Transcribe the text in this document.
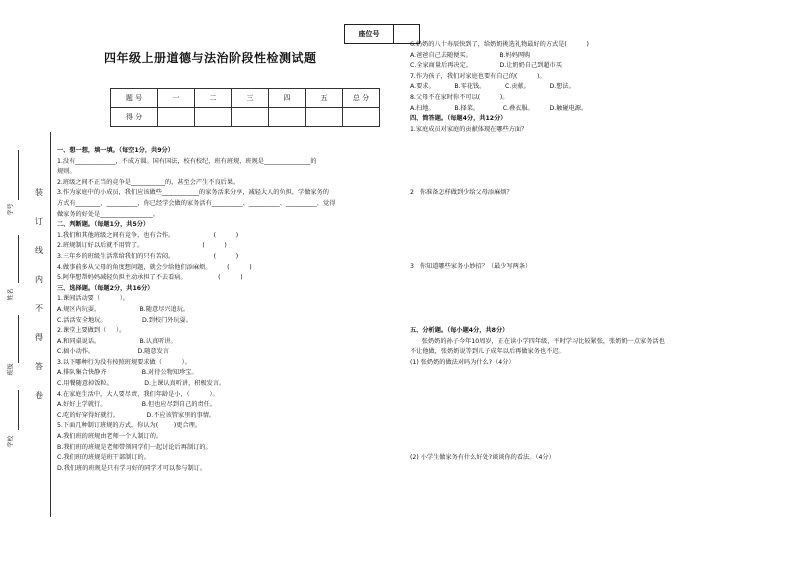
座位号
四年级上册道德与法治阶段性检测试题
题 号	一	二	三	四	五	总 分
得 分						
装
订
线
内
不
得
答
卷
学号
姓名
班级
学校
一、想一想，填一填。（每空1分，共9分）
1.没有_____________，不成方圆。国有国法，校有校纪，班有班规，班规是_______________的
规则。
2.班级之间不正当的竞争是___________的，甚至会产生不良后果。
3.作为家庭中的小成员，我们应该做些____________的家务活来分享，减轻大人的负担，学做家务的
方式有________、__________，你已经学会做的家务活有__________、__________、__________，觉得
做家务的好处是_________________。
二、判断题。（每题1分，共5分）
1.我们和其他班级之间有竞争，也有合作。                    (          )
2.班规制订好以后就不用管了。                              (          )
3.三年乡的班级生活常给我们的只有苦闷。                    (          )
4.做事前多从父母的角度想问题，就会少给他们添麻烦。        (          )
5.阿华想帮妈妈减轻负担主动承担了不去看病。                (          )
三、选择题。（每题2分，共16分）
1.课间活动要（          ）。
A.规区内玩耍。                    B.随意尽兴追玩。
C.活活安全地玩。                  D.到校门外玩耍。
2.课堂上要做到（     ）。
A.和同桌说话。                    B.认真听讲。
C.搞小动作。                      D.随意发言
3.以下哪种行为没有按照班规要求做（          ）。
A.排队集合快静齐                  B.对待公物知珍宝。
C.用餐随意掉饭粒。                D.上课认真听讲，积极发言。
4.在家庭生活中，大人要尽责，我们年龄是小，（          ）。
A.好好上学就行。                  B.但也应尽到自己的责任。
C.吃的好穿得好就行。              D.不应该管家里的事情。
5.下面几种制订班规的方式，你认为(        )更合理。
A.我们班的班规由老师一个人制订的。
B.我们班的班规是老师带领同学们一起讨论后再制订的。
C.我们班的班规是班干部制订的。
D.我们班的班规是只有学习好的同学才可以参与制订。
6.奶奶的八十寿辰快到了，给奶奶挑选礼物最好的方式是(          )
A.爸爸自己去随便买。              B.妈妈网购
C.全家商量后再决定。              D.让奶奶自己到超市买
7.作为孩子，我们对家庭也要有自己的(          )。
A.要求。          B.零花钱。          C.贡献。          D.想法。
8.父母不在家时你不可以(          )。
A.扫地。          B.择菜。            C.叠衣服。        D.触碰电源。
四、简答题。（每题4分，共12分）
1.家庭成员对家庭的贡献体现在哪些方面？

2   你准备怎样做到少给父母添麻烦？

3   你知道哪些家务小妙招？（最少写两条）

五、分析题。（每小题4分，共8分）
张奶奶的孙子今年10周岁，正在读小学四年级，平时学习比较紧张，张奶奶一点家务活也
不让他做，张奶奶说等到儿子成年以后再做家务也不迟。
(1) 张奶奶的做法对吗为什么?（4分）

(2) 小学生做家务有什么好处?谈谈你的看法。（4分）
